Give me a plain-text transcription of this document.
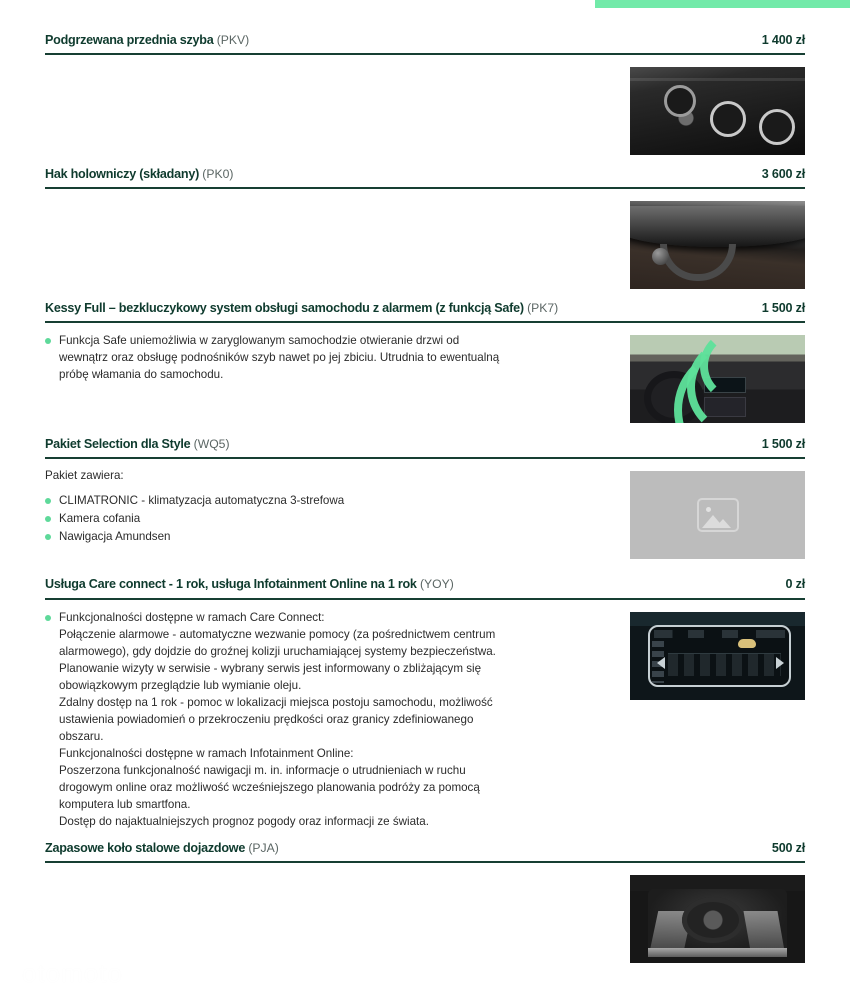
Podgrzewana przednia szyba (PKV)	1 400 zł
Hak holowniczy (składany) (PK0)	3 600 zł
Kessy Full – bezkluczykowy system obsługi samochodu z alarmem (z funkcją Safe) (PK7)	1 500 zł
Funkcja Safe uniemożliwia w zaryglowanym samochodzie otwieranie drzwi od
wewnątrz oraz obsługę podnośników szyb nawet po jej zbiciu. Utrudnia to ewentualną
próbę włamania do samochodu.
Pakiet Selection dla Style (WQ5)	1 500 zł

Pakiet zawiera:

CLIMATRONIC - klimatyzacja automatyczna 3-strefowa
Kamera cofania
Nawigacja Amundsen
Usługa Care connect - 1 rok, usługa Infotainment Online na 1 rok (YOY)	0 zł
Funkcjonalności dostępne w ramach Care Connect:
Połączenie alarmowe - automatyczne wezwanie pomocy (za pośrednictwem centrum
alarmowego), gdy dojdzie do groźnej kolizji uruchamiającej systemy bezpieczeństwa.
Planowanie wizyty w serwisie - wybrany serwis jest informowany o zbliżającym się
obowiązkowym przeglądzie lub wymianie oleju.
Zdalny dostęp na 1 rok - pomoc w lokalizacji miejsca postoju samochodu, możliwość
ustawienia powiadomień o przekroczeniu prędkości oraz granicy zdefiniowanego
obszaru.
Funkcjonalności dostępne w ramach Infotainment Online:
Poszerzona funkcjonalność nawigacji m. in. informacje o utrudnieniach w ruchu
drogowym online oraz możliwość wcześniejszego planowania podróży za pomocą
komputera lub smartfona.
Dostęp do najaktualniejszych prognoz pogody oraz informacji ze świata.
Zapasowe koło stalowe dojazdowe (PJA)	500 zł
otomoto
